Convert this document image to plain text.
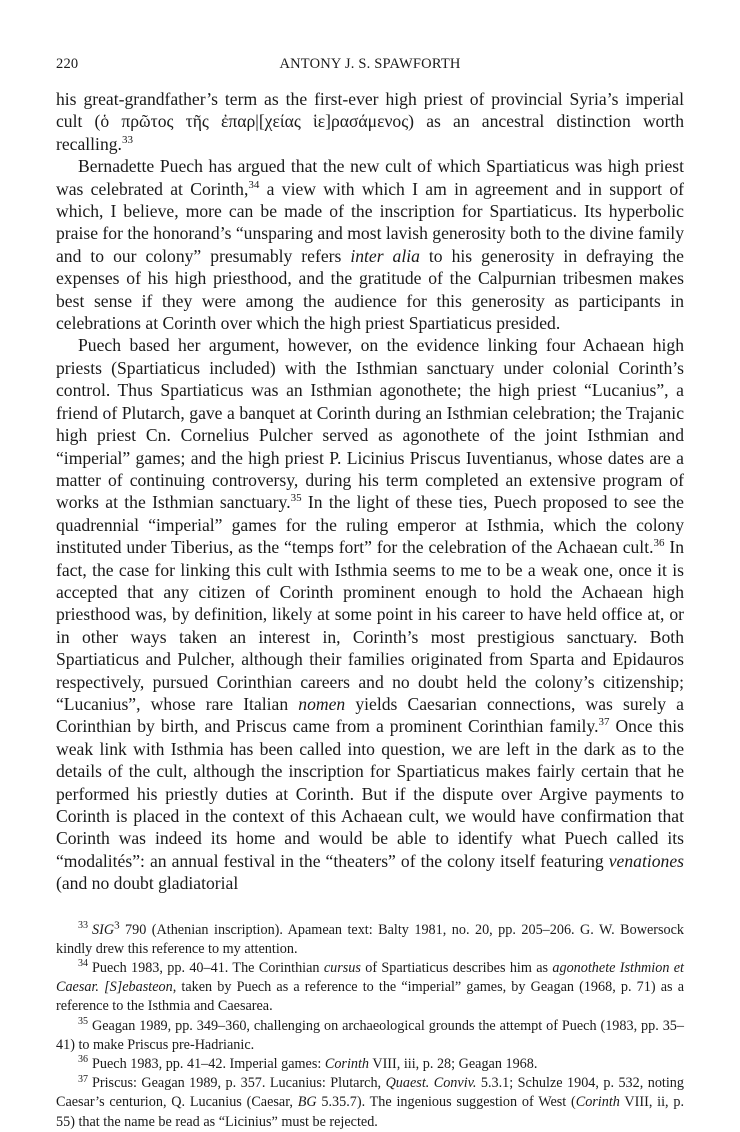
220	ANTONY J. S. SPAWFORTH

his great-grandfather’s term as the first-ever high priest of provincial Syria’s imperial cult (ὁ πρῶτος τῆς ἐπαρ|[χείας ἱε]ρασάμενος) as an ancestral distinction worth recalling.$^{33}$

Bernadette Puech has argued that the new cult of which Spartiaticus was high priest was celebrated at Corinth,$^{34}$ a view with which I am in agreement and in support of which, I believe, more can be made of the inscription for Spartiaticus. Its hyperbolic praise for the honorand’s “unsparing and most lavish generosity both to the divine family and to our colony” presumably refers inter alia to his generosity in defraying the expenses of his high priesthood, and the gratitude of the Calpurnian tribesmen makes best sense if they were among the audience for this generosity as participants in celebrations at Corinth over which the high priest Spartiaticus presided.

Puech based her argument, however, on the evidence linking four Achaean high priests (Spartiaticus included) with the Isthmian sanctuary under colonial Corinth’s control. Thus Spartiaticus was an Isthmian agonothete; the high priest “Lucanius”, a friend of Plutarch, gave a banquet at Corinth during an Isthmian celebration; the Trajanic high priest Cn. Cornelius Pulcher served as agonothete of the joint Isthmian and “imperial” games; and the high priest P. Licinius Priscus Iuventianus, whose dates are a matter of continuing controversy, during his term completed an extensive program of works at the Isthmian sanctuary.$^{35}$ In the light of these ties, Puech proposed to see the quadrennial “imperial” games for the ruling emperor at Isthmia, which the colony instituted under Tiberius, as the “temps fort” for the celebration of the Achaean cult.$^{36}$ In fact, the case for linking this cult with Isthmia seems to me to be a weak one, once it is accepted that any citizen of Corinth prominent enough to hold the Achaean high priesthood was, by definition, likely at some point in his career to have held office at, or in other ways taken an interest in, Corinth’s most prestigious sanctuary. Both Spartiaticus and Pulcher, although their families originated from Sparta and Epidauros respectively, pursued Corinthian careers and no doubt held the colony’s citizenship; “Lucanius”, whose rare Italian nomen yields Caesarian connections, was surely a Corinthian by birth, and Priscus came from a prominent Corinthian family.$^{37}$ Once this weak link with Isthmia has been called into question, we are left in the dark as to the details of the cult, although the inscription for Spartiaticus makes fairly certain that he performed his priestly duties at Corinth. But if the dispute over Argive payments to Corinth is placed in the context of this Achaean cult, we would have confirmation that Corinth was indeed its home and would be able to identify what Puech called its “modalités”: an annual festival in the “theaters” of the colony itself featuring venationes (and no doubt gladiatorial

$^{33}$ SIG$^3$ 790 (Athenian inscription). Apamean text: Balty 1981, no. 20, pp. 205–206. G. W. Bowersock kindly drew this reference to my attention.

$^{34}$ Puech 1983, pp. 40–41. The Corinthian cursus of Spartiaticus describes him as agonothete Isthmion et Caesar. [S]ebasteon, taken by Puech as a reference to the “imperial” games, by Geagan (1968, p. 71) as a reference to the Isthmia and Caesarea.

$^{35}$ Geagan 1989, pp. 349–360, challenging on archaeological grounds the attempt of Puech (1983, pp. 35–41) to make Priscus pre-Hadrianic.

$^{36}$ Puech 1983, pp. 41–42. Imperial games: Corinth VIII, iii, p. 28; Geagan 1968.

$^{37}$ Priscus: Geagan 1989, p. 357. Lucanius: Plutarch, Quaest. Conviv. 5.3.1; Schulze 1904, p. 532, noting Caesar’s centurion, Q. Lucanius (Caesar, BG 5.35.7). The ingenious suggestion of West (Corinth VIII, ii, p. 55) that the name be read as “Licinius” must be rejected.
